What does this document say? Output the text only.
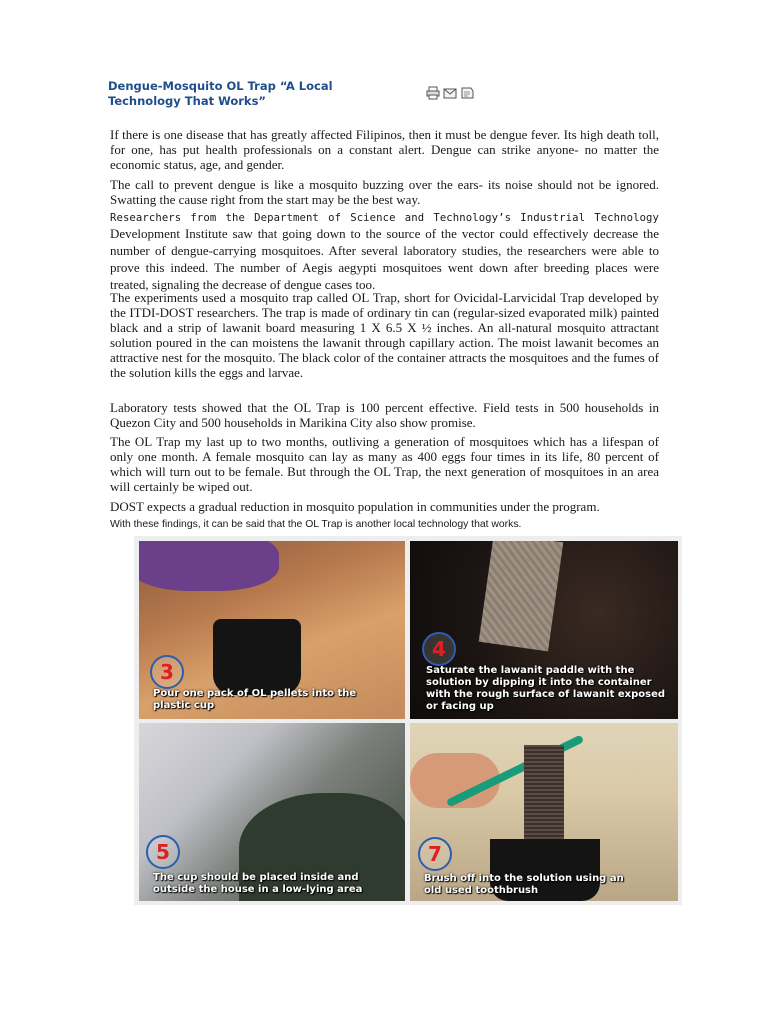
Dengue-Mosquito OL Trap “A Local Technology That Works”

If there is one disease that has greatly affected Filipinos, then it must be dengue fever. Its high death toll, for one, has put health professionals on a constant alert. Dengue can strike anyone- no matter the economic status, age, and gender.

The call to prevent dengue is like a mosquito buzzing over the ears- its noise should not be ignored. Swatting the cause right from the start may be the best way.

Researchers from the Department of Science and Technology’s Industrial Technology Development Institute saw that going down to the source of the vector could effectively decrease the number of dengue-carrying mosquitoes. After several laboratory studies, the researchers were able to prove this indeed. The number of Aegis aegypti mosquitoes went down after breeding places were treated, signaling the decrease of dengue cases too.

The experiments used a mosquito trap called OL Trap, short for Ovicidal-Larvicidal Trap developed by the ITDI-DOST researchers. The trap is made of ordinary tin can (regular-sized evaporated milk) painted black and a strip of lawanit board measuring 1 X 6.5 X ½ inches. An all-natural mosquito attractant solution poured in the can moistens the lawanit through capillary action. The moist lawanit becomes an attractive nest for the mosquito. The black color of the container attracts the mosquitoes and the fumes of the solution kills the eggs and larvae.

Laboratory tests showed that the OL Trap is 100 percent effective. Field tests in 500 households in Quezon City and 500 households in Marikina City also show promise.

The OL Trap my last up to two months, outliving a generation of mosquitoes which has a lifespan of only one month. A female mosquito can lay as many as 400 eggs four times in its life, 80 percent of which will turn out to be female. But through the OL Trap, the next generation of mosquitoes in an area will certainly be wiped out.

DOST expects a gradual reduction in mosquito population in communities under the program.

With these findings, it can be said that the OL Trap is another local technology that works.

3
Pour one pack of OL pellets into the plastic cup
4
Saturate the lawanit paddle with the solution by dipping it into the container with the rough surface of lawanit exposed or facing up
5
The cup should be placed inside and outside the house in a low-lying area
7
Brush off into the solution using an old used toothbrush
